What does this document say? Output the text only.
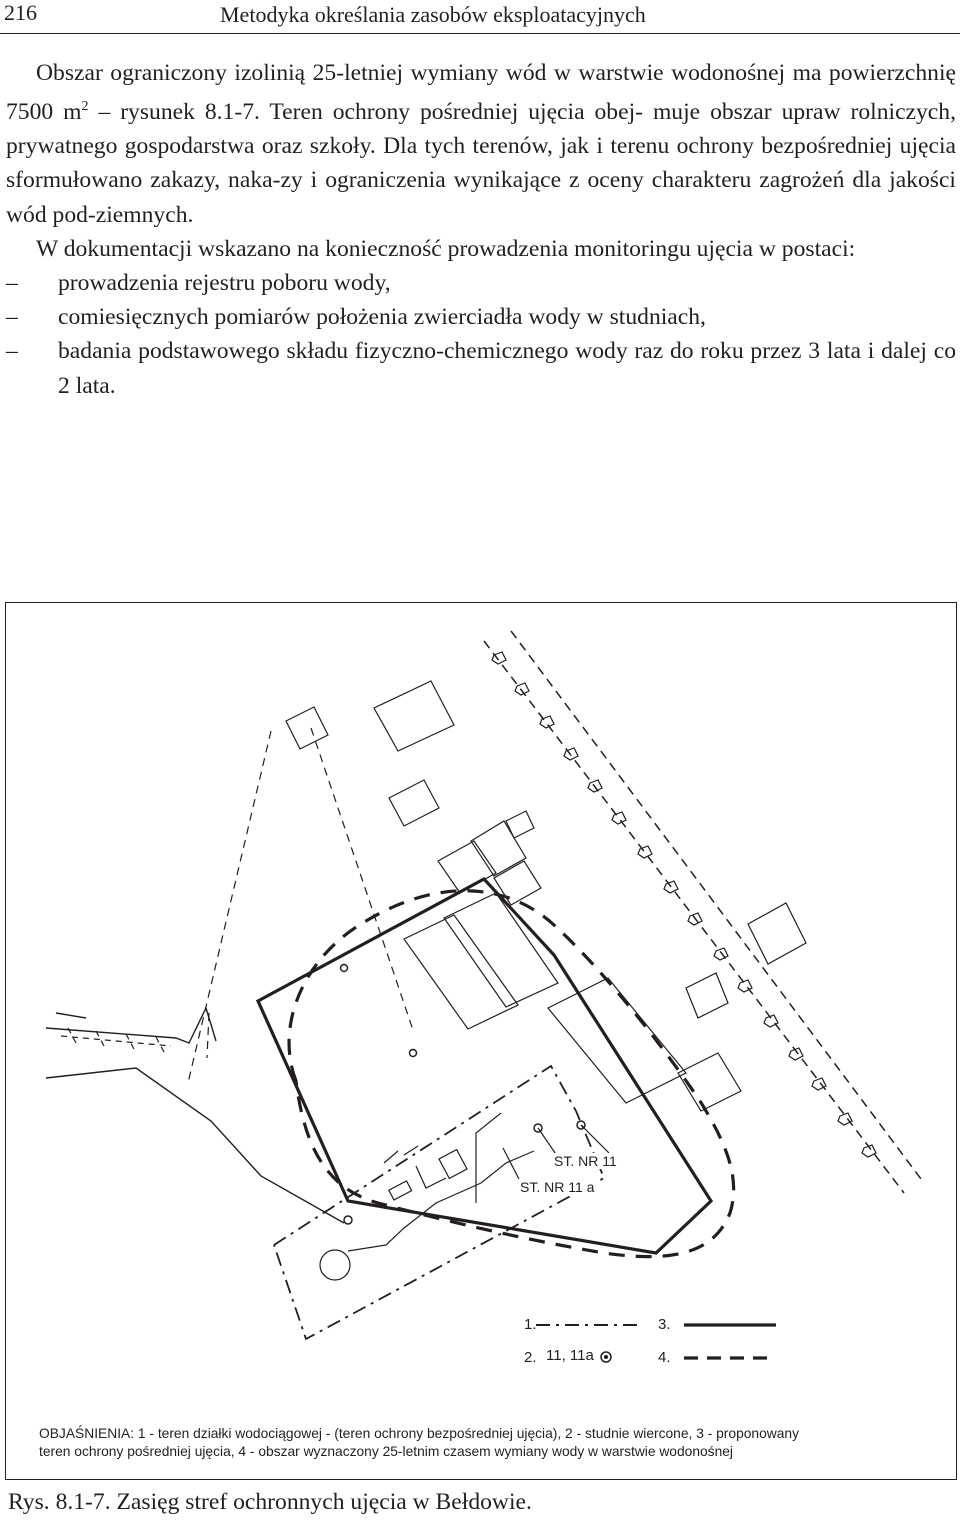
216	Metodyka określania zasobów eksploatacyjnych

Obszar ograniczony izolinią 25-letniej wymiany wód w warstwie wodonośnej ma powierzchnię 7500 $m^2$ – rysunek 8.1-7. Teren ochrony pośredniej ujęcia obej- muje obszar upraw rolniczych, prywatnego gospodarstwa oraz szkoły. Dla tych terenów, jak i terenu ochrony bezpośredniej ujęcia sformułowano zakazy, naka-zy i ograniczenia wynikające z oceny charakteru zagrożeń dla jakości wód pod-ziemnych.

W dokumentacji wskazano na konieczność prowadzenia monitoringu ujęcia w postaci:

–	prowadzenia rejestru poboru wody,
–	comiesięcznych pomiarów położenia zwierciadła wody w studniach,
–	badania podstawowego składu fizyczno-chemicznego wody raz do roku przez 3 lata i dalej co 2 lata.
ST. NR 11
ST. NR 11 a
1.
2. 11, 11a
3.
4.
OBJAŚNIENIA: 1 - teren działki wodociągowej - (teren ochrony bezpośredniej ujęcia), 2 - studnie wiercone, 3 - proponowany
teren ochrony pośredniej ujęcia, 4 - obszar wyznaczony 25-letnim czasem wymiany wody w warstwie wodonośnej
Rys. 8.1-7. Zasięg stref ochronnych ujęcia w Bełdowie.
